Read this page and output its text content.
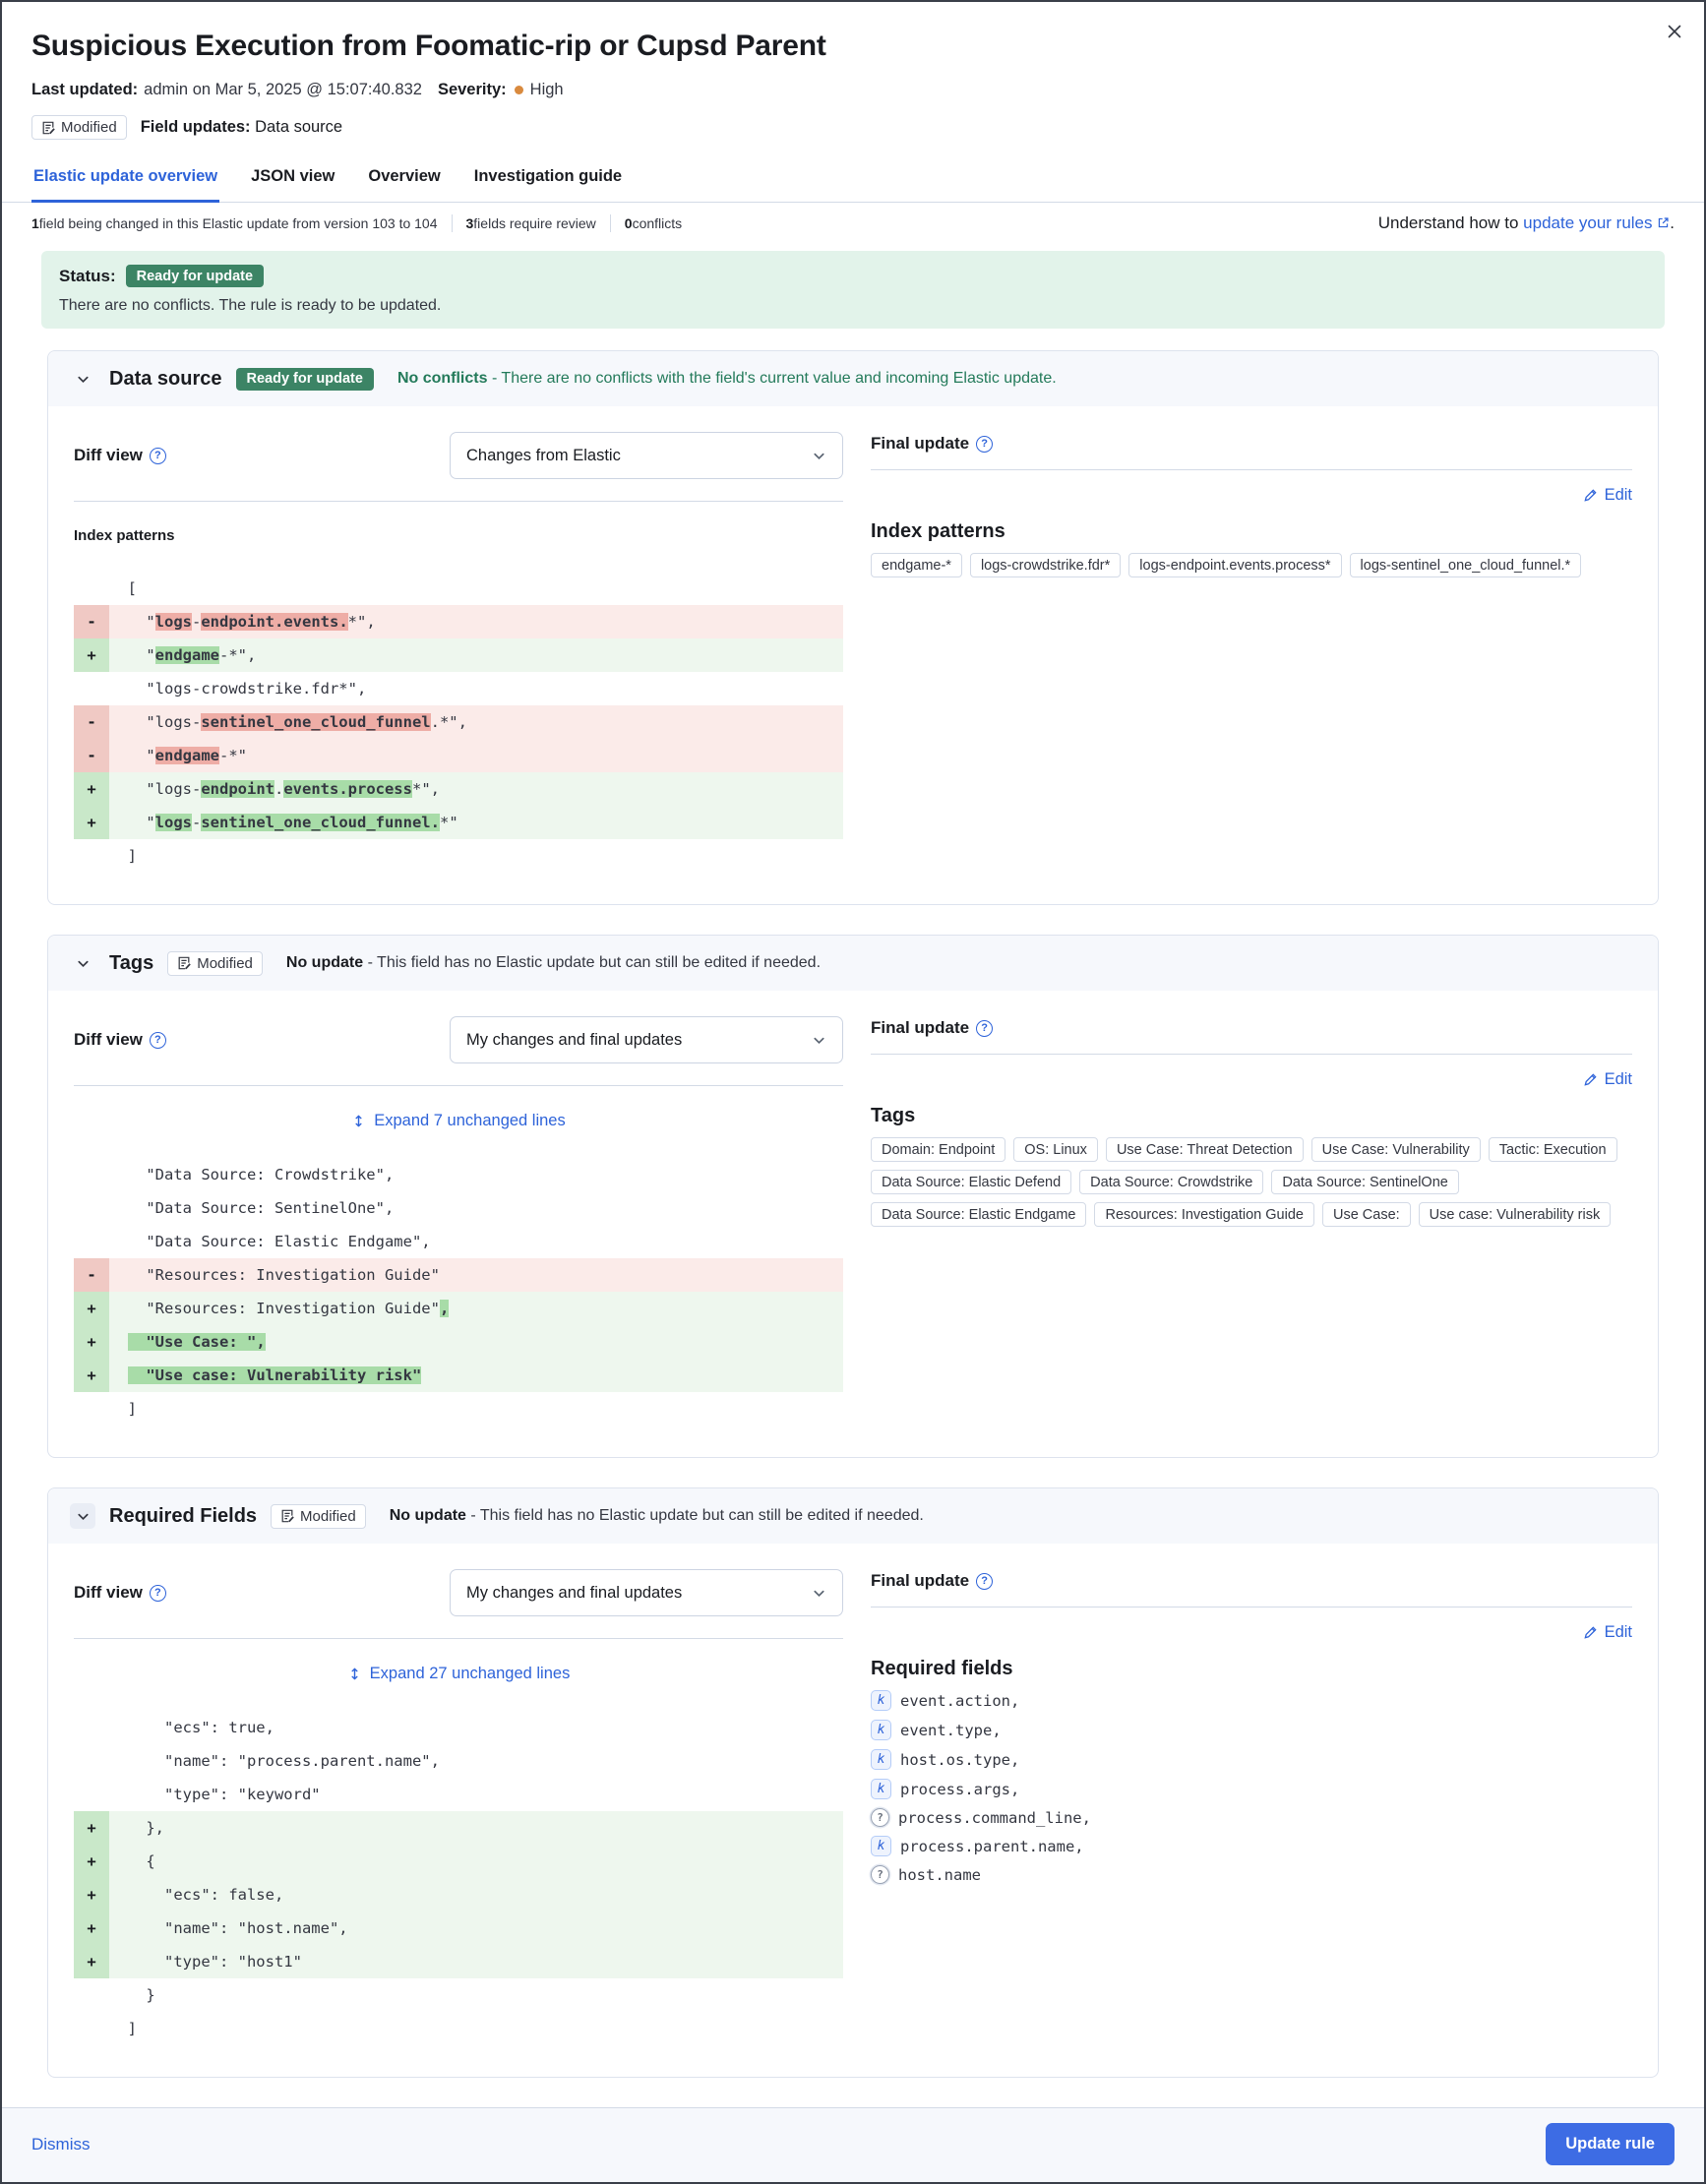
Suspicious Execution from Foomatic-rip or Cupsd Parent
Last updated: admin on Mar 5, 2025 @ 15:07:40.832 Severity: High
Modified Field updates: Data source
Elastic update overview JSON view Overview Investigation guide
1 field being changed in this Elastic update from version 103 to 104 3 fields require review 0 conflicts	Understand how to update your rules .
Status:	Ready for update
There are no conflicts. The rule is ready to be updated.
Data source	Ready for update	No conflicts - There are no conflicts with the field's current value and incoming Elastic update.
Diff view	?	Changes from Elastic
Index patterns
[
- "logs-endpoint.events.*",
+ "endgame-*",
"logs-crowdstrike.fdr*",
- "logs-sentinel_one_cloud_funnel.*",
- "endgame-*"
+ "logs-endpoint.events.process*",
+ "logs-sentinel_one_cloud_funnel.*"
]
Final update	?
Edit
Index patterns
endgame-*	logs-crowdstrike.fdr*	logs-endpoint.events.process*	logs-sentinel_one_cloud_funnel.*
Tags	Modified No update - This field has no Elastic update but can still be edited if needed.
Diff view	?	My changes and final updates
Expand 7 unchanged lines
"Data Source: Crowdstrike",
"Data Source: SentinelOne",
"Data Source: Elastic Endgame",
- "Resources: Investigation Guide"
+ "Resources: Investigation Guide",
+	"Use Case: ",
+	"Use case: Vulnerability risk"
]
Final update	?
Edit
Tags
Domain: Endpoint	OS: Linux	Use Case: Threat Detection	Use Case: Vulnerability	Tactic: Execution
Data Source: Elastic Defend	Data Source: Crowdstrike	Data Source: SentinelOne
Data Source: Elastic Endgame	Resources: Investigation Guide	Use Case:	Use case: Vulnerability risk
Required Fields	Modified No update - This field has no Elastic update but can still be edited if needed.
Diff view	?	My changes and final updates
Expand 27 unchanged lines
"ecs": true,
"name": "process.parent.name",
"type": "keyword"
+ },
+ {
+ "ecs": false,
+ "name": "host.name",
+ "type": "host1"
}
]
Final update	?
Edit
Required fields
k	event.action,
k	event.type,
k	host.os.type,
k	process.args,
? process.command_line,
k	process.parent.name,
? host.name
Dismiss	Update rule
